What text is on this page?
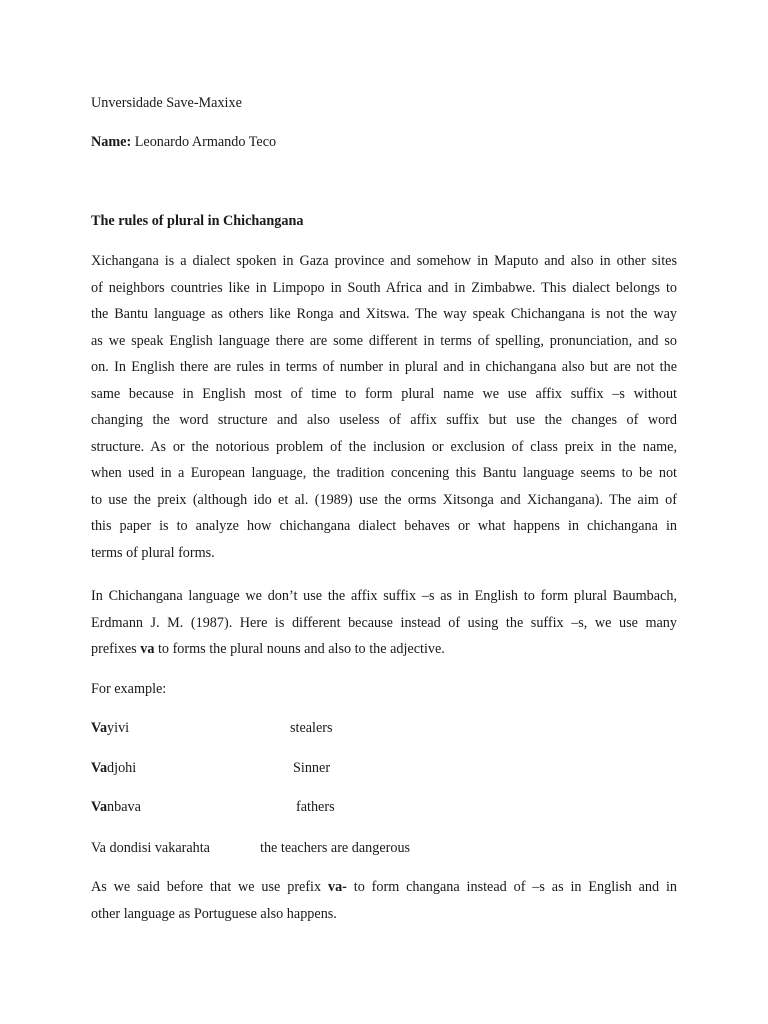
Unversidade Save-Maxixe

Name: Leonardo Armando Teco

The rules of plural in Chichangana

Xichangana is a dialect spoken in Gaza province and somehow in Maputo and also in other sites
of neighbors countries like in Limpopo in South Africa and in Zimbabwe. This dialect belongs to
the Bantu language as others like Ronga and Xitswa. The way speak Chichangana is not the way
as we speak English language there are some different in terms of spelling, pronunciation, and so
on. In English there are rules in terms of number in plural and in chichangana also but are not the
same because in English most of time to form plural name we use affix suffix –s without
changing the word structure and also useless of affix suffix but use the changes of word
structure. As or the notorious problem of the inclusion or exclusion of class preix in the name,
when used in a European language, the tradition concening this Bantu language seems to be not
to use the preix (although ido et al. (1989) use the orms Xitsonga and Xichangana). The aim of
this paper is to analyze how chichangana dialect behaves or what happens in chichangana in
terms of plural forms.
In Chichangana language we don’t use the affix suffix –s as in English to form plural Baumbach,
Erdmann J. M. (1987). Here is different because instead of using the suffix –s, we use many
prefixes va to forms the plural nouns and also to the adjective.

For example:

Vayivi	stealers
Vadjohi	Sinner
Vanbava	fathers
Va dondisi vakarahta	the teachers are dangerous
As we said before that we use prefix va- to form changana instead of –s as in English and in
other language as Portuguese also happens.
